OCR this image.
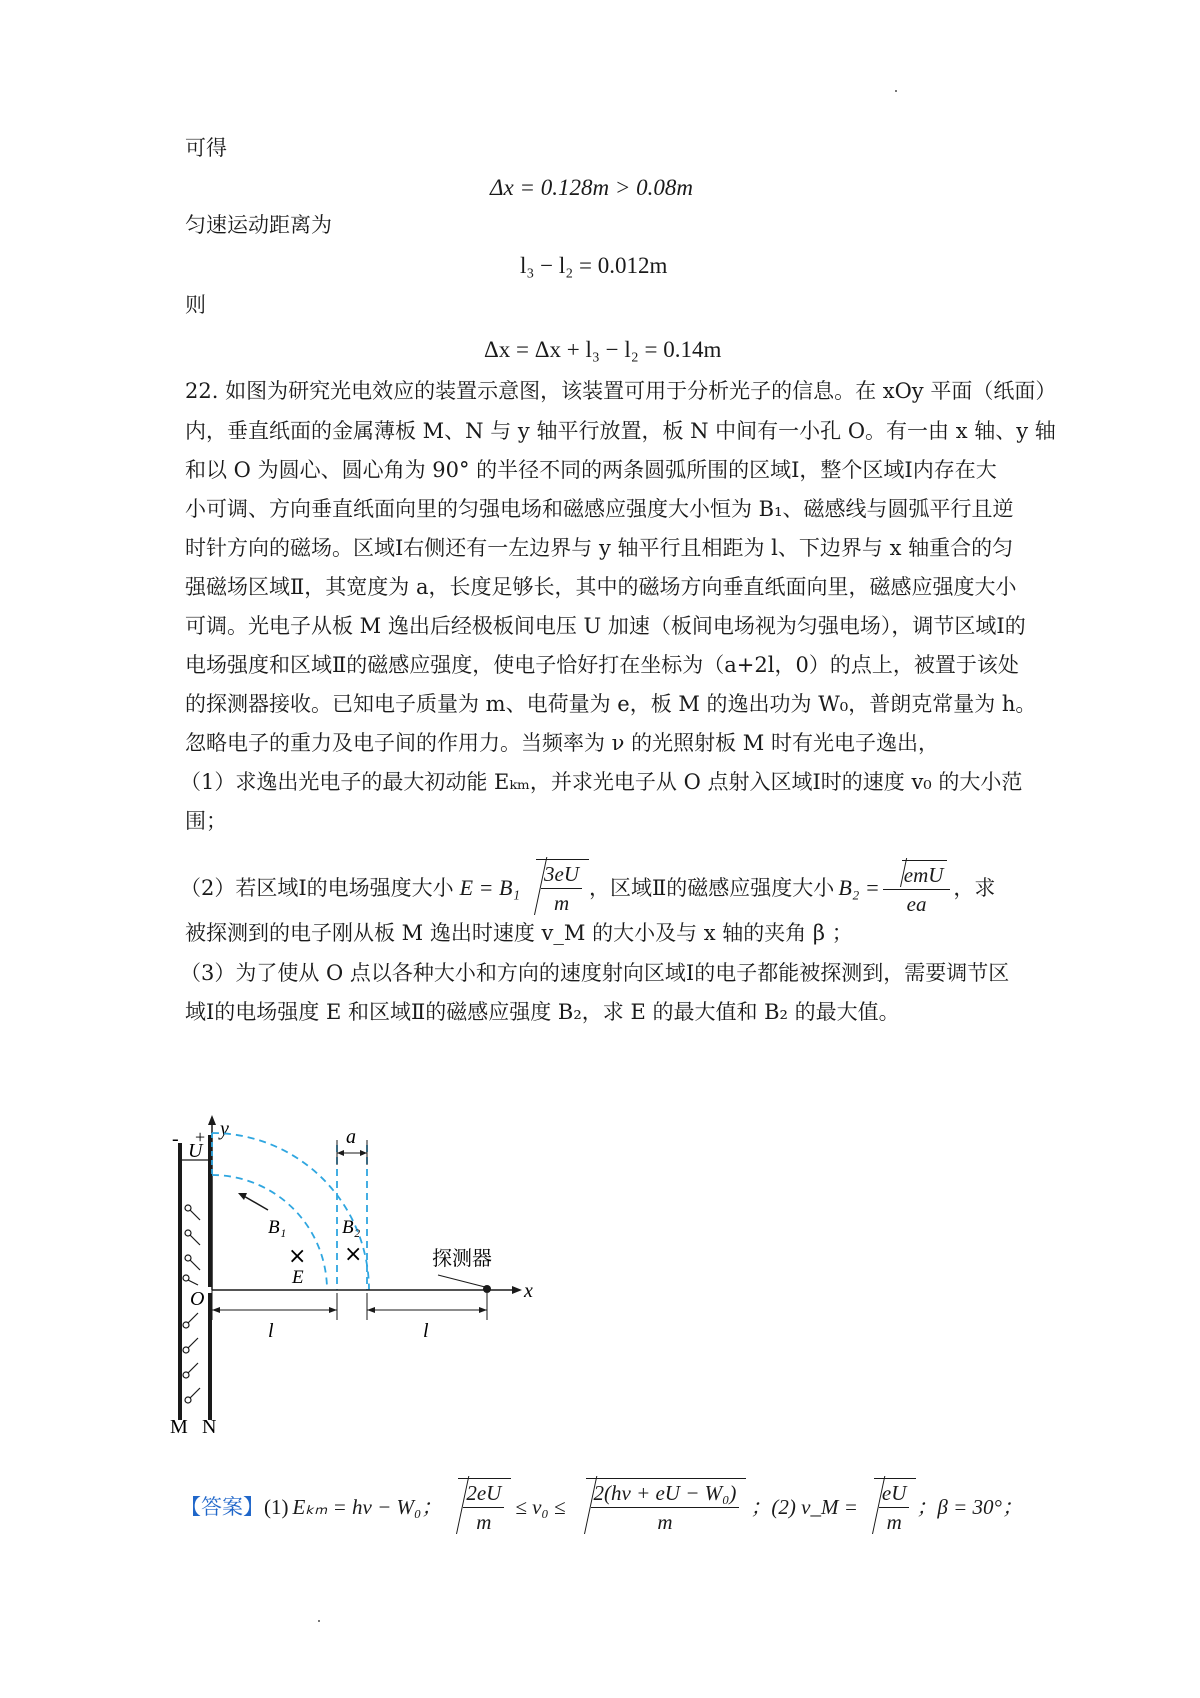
可得
Δx = 0.128m > 0.08m
匀速运动距离为
l₃ − l₂ = 0.012m
则
Δx = Δx + l₃ − l₂ = 0.14m
22. 如图为研究光电效应的装置示意图，该装置可用于分析光子的信息。在 xOy 平面（纸面）
内，垂直纸面的金属薄板 M、N 与 y 轴平行放置，板 N 中间有一小孔 O。有一由 x 轴、y 轴
和以 O 为圆心、圆心角为 90° 的半径不同的两条圆弧所围的区域Ⅰ，整个区域Ⅰ内存在大
小可调、方向垂直纸面向里的匀强电场和磁感应强度大小恒为 B₁、磁感线与圆弧平行且逆
时针方向的磁场。区域Ⅰ右侧还有一左边界与 y 轴平行且相距为 l、下边界与 x 轴重合的匀
强磁场区域Ⅱ，其宽度为 a，长度足够长，其中的磁场方向垂直纸面向里，磁感应强度大小
可调。光电子从板 M 逸出后经极板间电压 U 加速（板间电场视为匀强电场），调节区域Ⅰ的
电场强度和区域Ⅱ的磁感应强度，使电子恰好打在坐标为（a+2l，0）的点上，被置于该处
的探测器接收。已知电子质量为 m、电荷量为 e，板 M 的逸出功为 W₀，普朗克常量为 h。
忽略电子的重力及电子间的作用力。当频率为 ν 的光照射板 M 时有光电子逸出，
（1）求逸出光电子的最大初动能 Eₖₘ，并求光电子从 O 点射入区域Ⅰ时的速度 v₀ 的大小范
围；
（2）若区域Ⅰ的电场强度大小 $E = B_1 \frac{3eU}{m}$ ，区域Ⅱ的磁感应强度大小 $B_2 = \frac{\text{emU}}{ea}$ ，求
被探测到的电子刚从板 M 逸出时速度 v_M 的大小及与 x 轴的夹角 β ；
（3）为了使从 O 点以各种大小和方向的速度射向区域Ⅰ的电子都能被探测到，需要调节区
域Ⅰ的电场强度 E 和区域Ⅱ的磁感应强度 B₂，求 E 的最大值和 B₂ 的最大值。
- + y
U
B₁
×
E
a
B₂
×
x
O
探测器
l	l
M N
【答案】 (1) Eₖₘ = hν − W₀； $\frac{2eU}{m} \le v_0 \le \frac{\text{2(hν + eU − W₀)}}{m}$ ；(2) v_M = $\frac{eU}{m}$ ；β = 30°；
